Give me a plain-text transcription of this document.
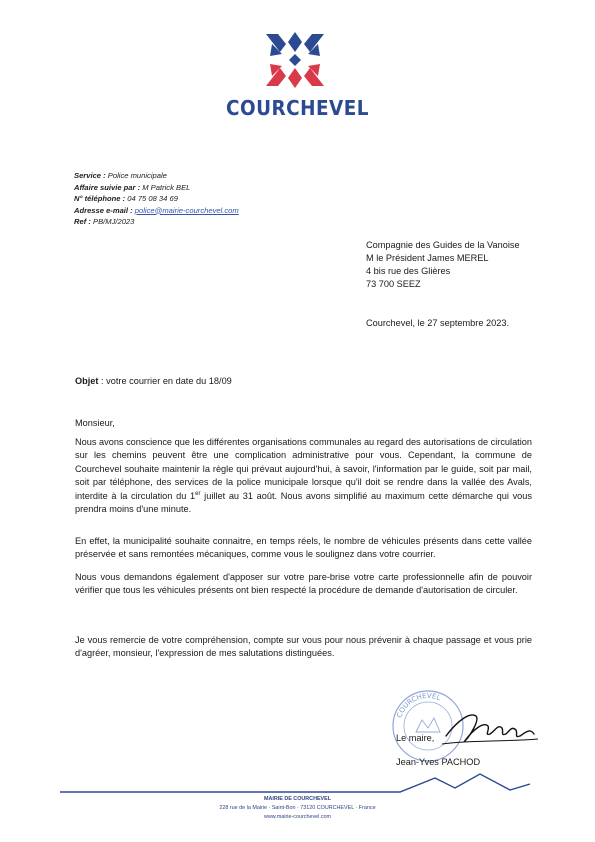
COURCHEVEL
Service : Police municipale
Affaire suivie par : M Patrick BEL
N° téléphone : 04 75 08 34 69
Adresse e-mail : police@mairie-courchevel.com
Ref : PB/MJ/2023
Compagnie des Guides de la Vanoise
M le Président James MEREL
4 bis rue des Glières
73 700 SEEZ
Courchevel, le 27 septembre 2023.
Objet : votre courrier en date du 18/09
Monsieur,
Nous avons conscience que les différentes organisations communales au regard des autorisations de circulation sur les chemins peuvent être une complication administrative pour vous. Cependant, la commune de Courchevel souhaite maintenir la règle qui prévaut aujourd'hui, à savoir, l'information par le guide, soit par mail, soit par téléphone, des services de la police municipale lorsque qu'il doit se rendre dans la vallée des Avals, interdite à la circulation du 1er juillet au 31 août. Nous avons simplifié au maximum cette démarche qui vous prendra moins d'une minute.
En effet, la municipalité souhaite connaitre, en temps réels, le nombre de véhicules présents dans cette vallée préservée et sans remontées mécaniques, comme vous le soulignez dans votre courrier.
Nous vous demandons également d'apposer sur votre pare-brise votre carte professionnelle afin de pouvoir vérifier que tous les véhicules présents ont bien respecté la procédure de demande d'autorisation de circuler.
Je vous remercie de votre compréhension, compte sur vous pour nous prévenir à chaque passage et vous prie d'agréer, monsieur, l'expression de mes salutations distinguées.
COURCHEVEL
Le maire,
Jean-Yves PACHOD
MAIRIE DE COURCHEVEL
228 rue de la Mairie · Saint-Bon · 73120 COURCHEVEL · France
www.mairie-courchevel.com
